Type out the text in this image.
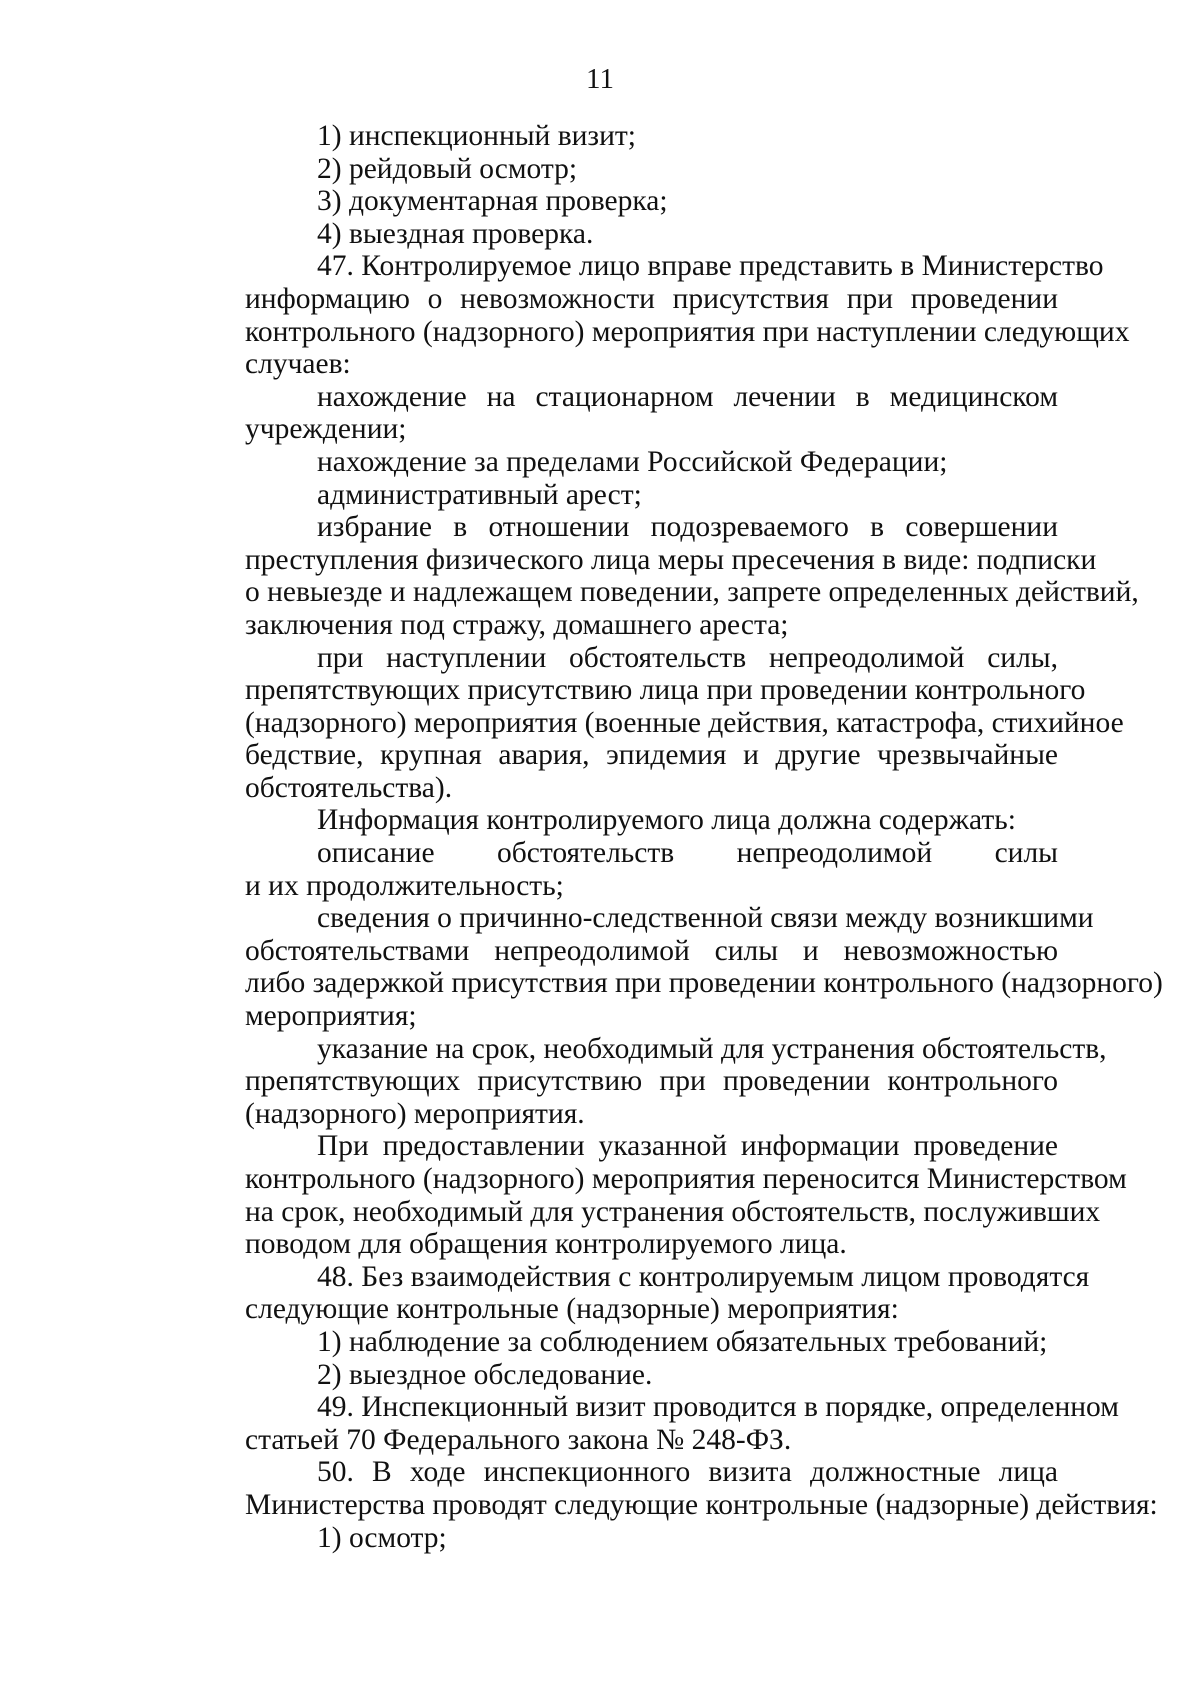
11
1) инспекционный визит;
2) рейдовый осмотр;
3) документарная проверка;
4) выездная проверка.
47. Контролируемое лицо вправе представить в Министерство
информацию о невозможности присутствия при проведении
контрольного (надзорного) мероприятия при наступлении следующих
случаев:
нахождение на стационарном лечении в медицинском
учреждении;
нахождение за пределами Российской Федерации;
административный арест;
избрание в отношении подозреваемого в совершении
преступления физического лица меры пресечения в виде: подписки
о невыезде и надлежащем поведении, запрете определенных действий,
заключения под стражу, домашнего ареста;
при наступлении обстоятельств непреодолимой силы,
препятствующих присутствию лица при проведении контрольного
(надзорного) мероприятия (военные действия, катастрофа, стихийное
бедствие, крупная авария, эпидемия и другие чрезвычайные
обстоятельства).
Информация контролируемого лица должна содержать:
описание обстоятельств непреодолимой силы
и их продолжительность;
сведения о причинно-следственной связи между возникшими
обстоятельствами непреодолимой силы и невозможностью
либо задержкой присутствия при проведении контрольного (надзорного)
мероприятия;
указание на срок, необходимый для устранения обстоятельств,
препятствующих присутствию при проведении контрольного
(надзорного) мероприятия.
При предоставлении указанной информации проведение
контрольного (надзорного) мероприятия переносится Министерством
на срок, необходимый для устранения обстоятельств, послуживших
поводом для обращения контролируемого лица.
48. Без взаимодействия с контролируемым лицом проводятся
следующие контрольные (надзорные) мероприятия:
1) наблюдение за соблюдением обязательных требований;
2) выездное обследование.
49. Инспекционный визит проводится в порядке, определенном
статьей 70 Федерального закона № 248-ФЗ.
50. В ходе инспекционного визита должностные лица
Министерства проводят следующие контрольные (надзорные) действия:
1) осмотр;
